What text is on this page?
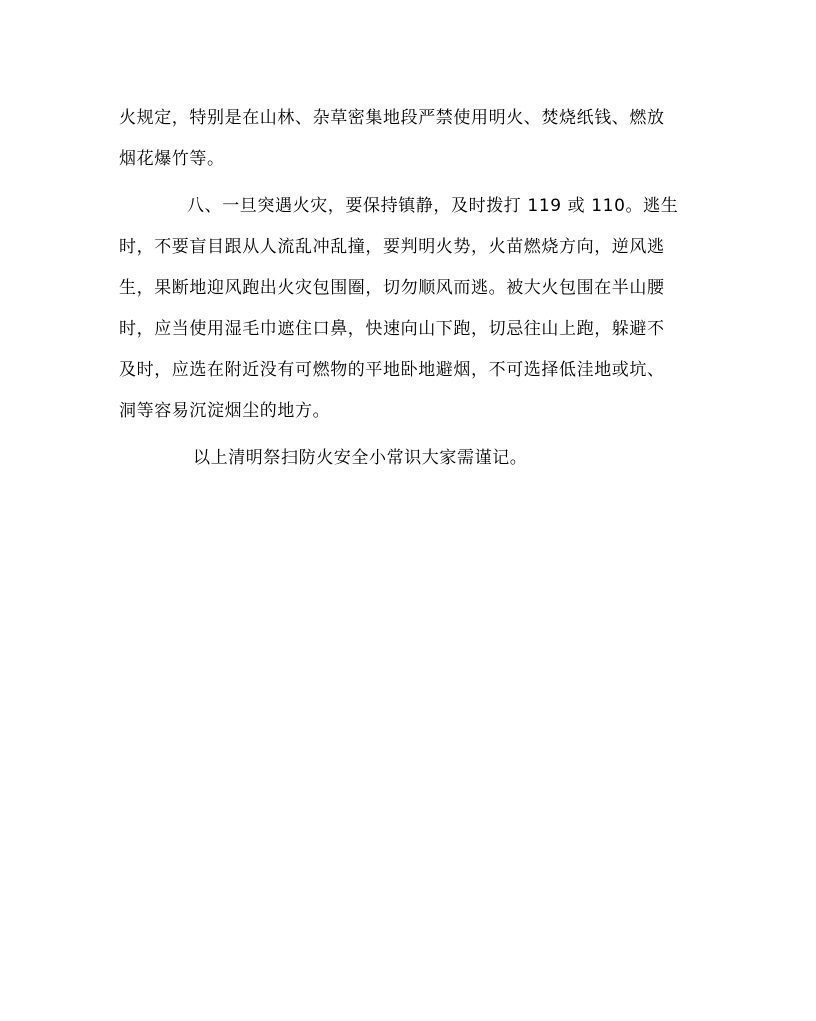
火规定，特别是在山林、杂草密集地段严禁使用明火、焚烧纸钱、燃放
烟花爆竹等。
八、一旦突遇火灾，要保持镇静，及时拨打 119 或 110。逃生
时，不要盲目跟从人流乱冲乱撞，要判明火势，火苗燃烧方向，逆风逃
生，果断地迎风跑出火灾包围圈，切勿顺风而逃。被大火包围在半山腰
时，应当使用湿毛巾遮住口鼻，快速向山下跑，切忌往山上跑，躲避不
及时，应选在附近没有可燃物的平地卧地避烟，不可选择低洼地或坑、
洞等容易沉淀烟尘的地方。
以上清明祭扫防火安全小常识大家需谨记。
